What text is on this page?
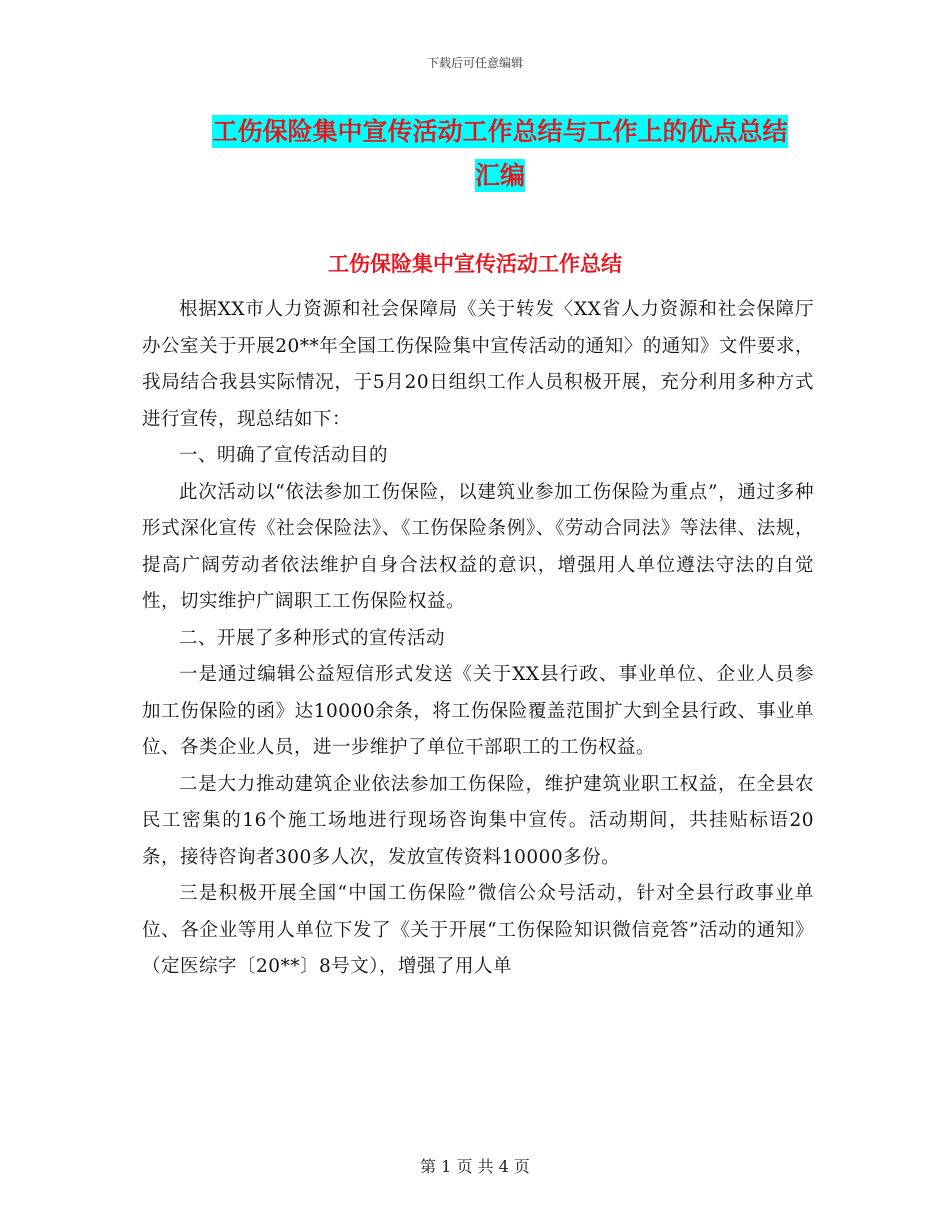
下载后可任意编辑
工伤保险集中宣传活动工作总结与工作上的优点总结
汇编
工伤保险集中宣传活动工作总结

根据XX市人力资源和社会保障局《关于转发〈XX省人力资源和社会保障厅办公室关于开展20**年全国工伤保险集中宣传活动的通知〉的通知》文件要求，我局结合我县实际情况，于5月20日组织工作人员积极开展，充分利用多种方式进行宣传，现总结如下：

一、明确了宣传活动目的

此次活动以“依法参加工伤保险，以建筑业参加工伤保险为重点”，通过多种形式深化宣传《社会保险法》、《工伤保险条例》、《劳动合同法》等法律、法规，提高广阔劳动者依法维护自身合法权益的意识，增强用人单位遵法守法的自觉性，切实维护广阔职工工伤保险权益。

二、开展了多种形式的宣传活动

一是通过编辑公益短信形式发送《关于XX县行政、事业单位、企业人员参加工伤保险的函》达10000余条，将工伤保险覆盖范围扩大到全县行政、事业单位、各类企业人员，进一步维护了单位干部职工的工伤权益。

二是大力推动建筑企业依法参加工伤保险，维护建筑业职工权益，在全县农民工密集的16个施工场地进行现场咨询集中宣传。活动期间，共挂贴标语20条，接待咨询者300多人次，发放宣传资料10000多份。

三是积极开展全国“中国工伤保险”微信公众号活动，针对全县行政事业单位、各企业等用人单位下发了《关于开展“工伤保险知识微信竞答”活动的通知》（定医综字〔20**〕8号文），增强了用人单

第 1 页 共 4 页
